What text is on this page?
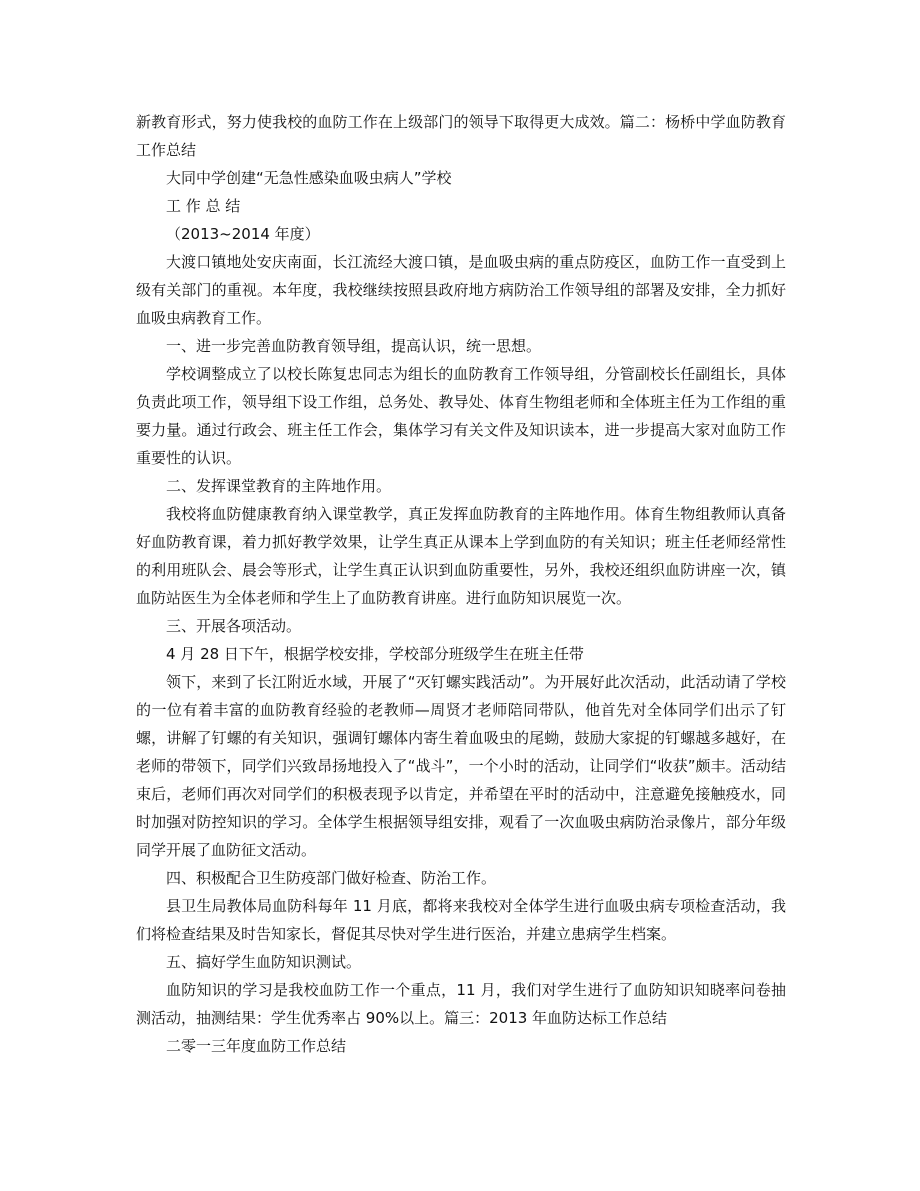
新教育形式，努力使我校的血防工作在上级部门的领导下取得更大成效。篇二：杨桥中学血防教育工作总结

大同中学创建“无急性感染血吸虫病人”学校

工 作 总 结

（2013~2014 年度）

大渡口镇地处安庆南面，长江流经大渡口镇，是血吸虫病的重点防疫区，血防工作一直受到上级有关部门的重视。本年度，我校继续按照县政府地方病防治工作领导组的部署及安排，全力抓好血吸虫病教育工作。

一、进一步完善血防教育领导组，提高认识，统一思想。

学校调整成立了以校长陈复忠同志为组长的血防教育工作领导组，分管副校长任副组长，具体负责此项工作，领导组下设工作组，总务处、教导处、体育生物组老师和全体班主任为工作组的重要力量。通过行政会、班主任工作会，集体学习有关文件及知识读本，进一步提高大家对血防工作重要性的认识。

二、发挥课堂教育的主阵地作用。

我校将血防健康教育纳入课堂教学，真正发挥血防教育的主阵地作用。体育生物组教师认真备好血防教育课，着力抓好教学效果，让学生真正从课本上学到血防的有关知识；班主任老师经常性的利用班队会、晨会等形式，让学生真正认识到血防重要性，另外，我校还组织血防讲座一次，镇血防站医生为全体老师和学生上了血防教育讲座。进行血防知识展览一次。

三、开展各项活动。

4 月 28 日下午，根据学校安排，学校部分班级学生在班主任带

领下，来到了长江附近水域，开展了“灭钉螺实践活动”。为开展好此次活动，此活动请了学校的一位有着丰富的血防教育经验的老教师—周贤才老师陪同带队，他首先对全体同学们出示了钉螺，讲解了钉螺的有关知识，强调钉螺体内寄生着血吸虫的尾蚴，鼓励大家捉的钉螺越多越好，在老师的带领下，同学们兴致昂扬地投入了“战斗”，一个小时的活动，让同学们“收获”颇丰。活动结束后，老师们再次对同学们的积极表现予以肯定，并希望在平时的活动中，注意避免接触疫水，同时加强对防控知识的学习。全体学生根据领导组安排，观看了一次血吸虫病防治录像片，部分年级同学开展了血防征文活动。

四、积极配合卫生防疫部门做好检查、防治工作。

县卫生局教体局血防科每年 11 月底，都将来我校对全体学生进行血吸虫病专项检查活动，我们将检查结果及时告知家长，督促其尽快对学生进行医治，并建立患病学生档案。

五、搞好学生血防知识测试。

血防知识的学习是我校血防工作一个重点，11 月，我们对学生进行了血防知识知晓率问卷抽测活动，抽测结果：学生优秀率占 90%以上。篇三：2013 年血防达标工作总结

二零一三年度血防工作总结
